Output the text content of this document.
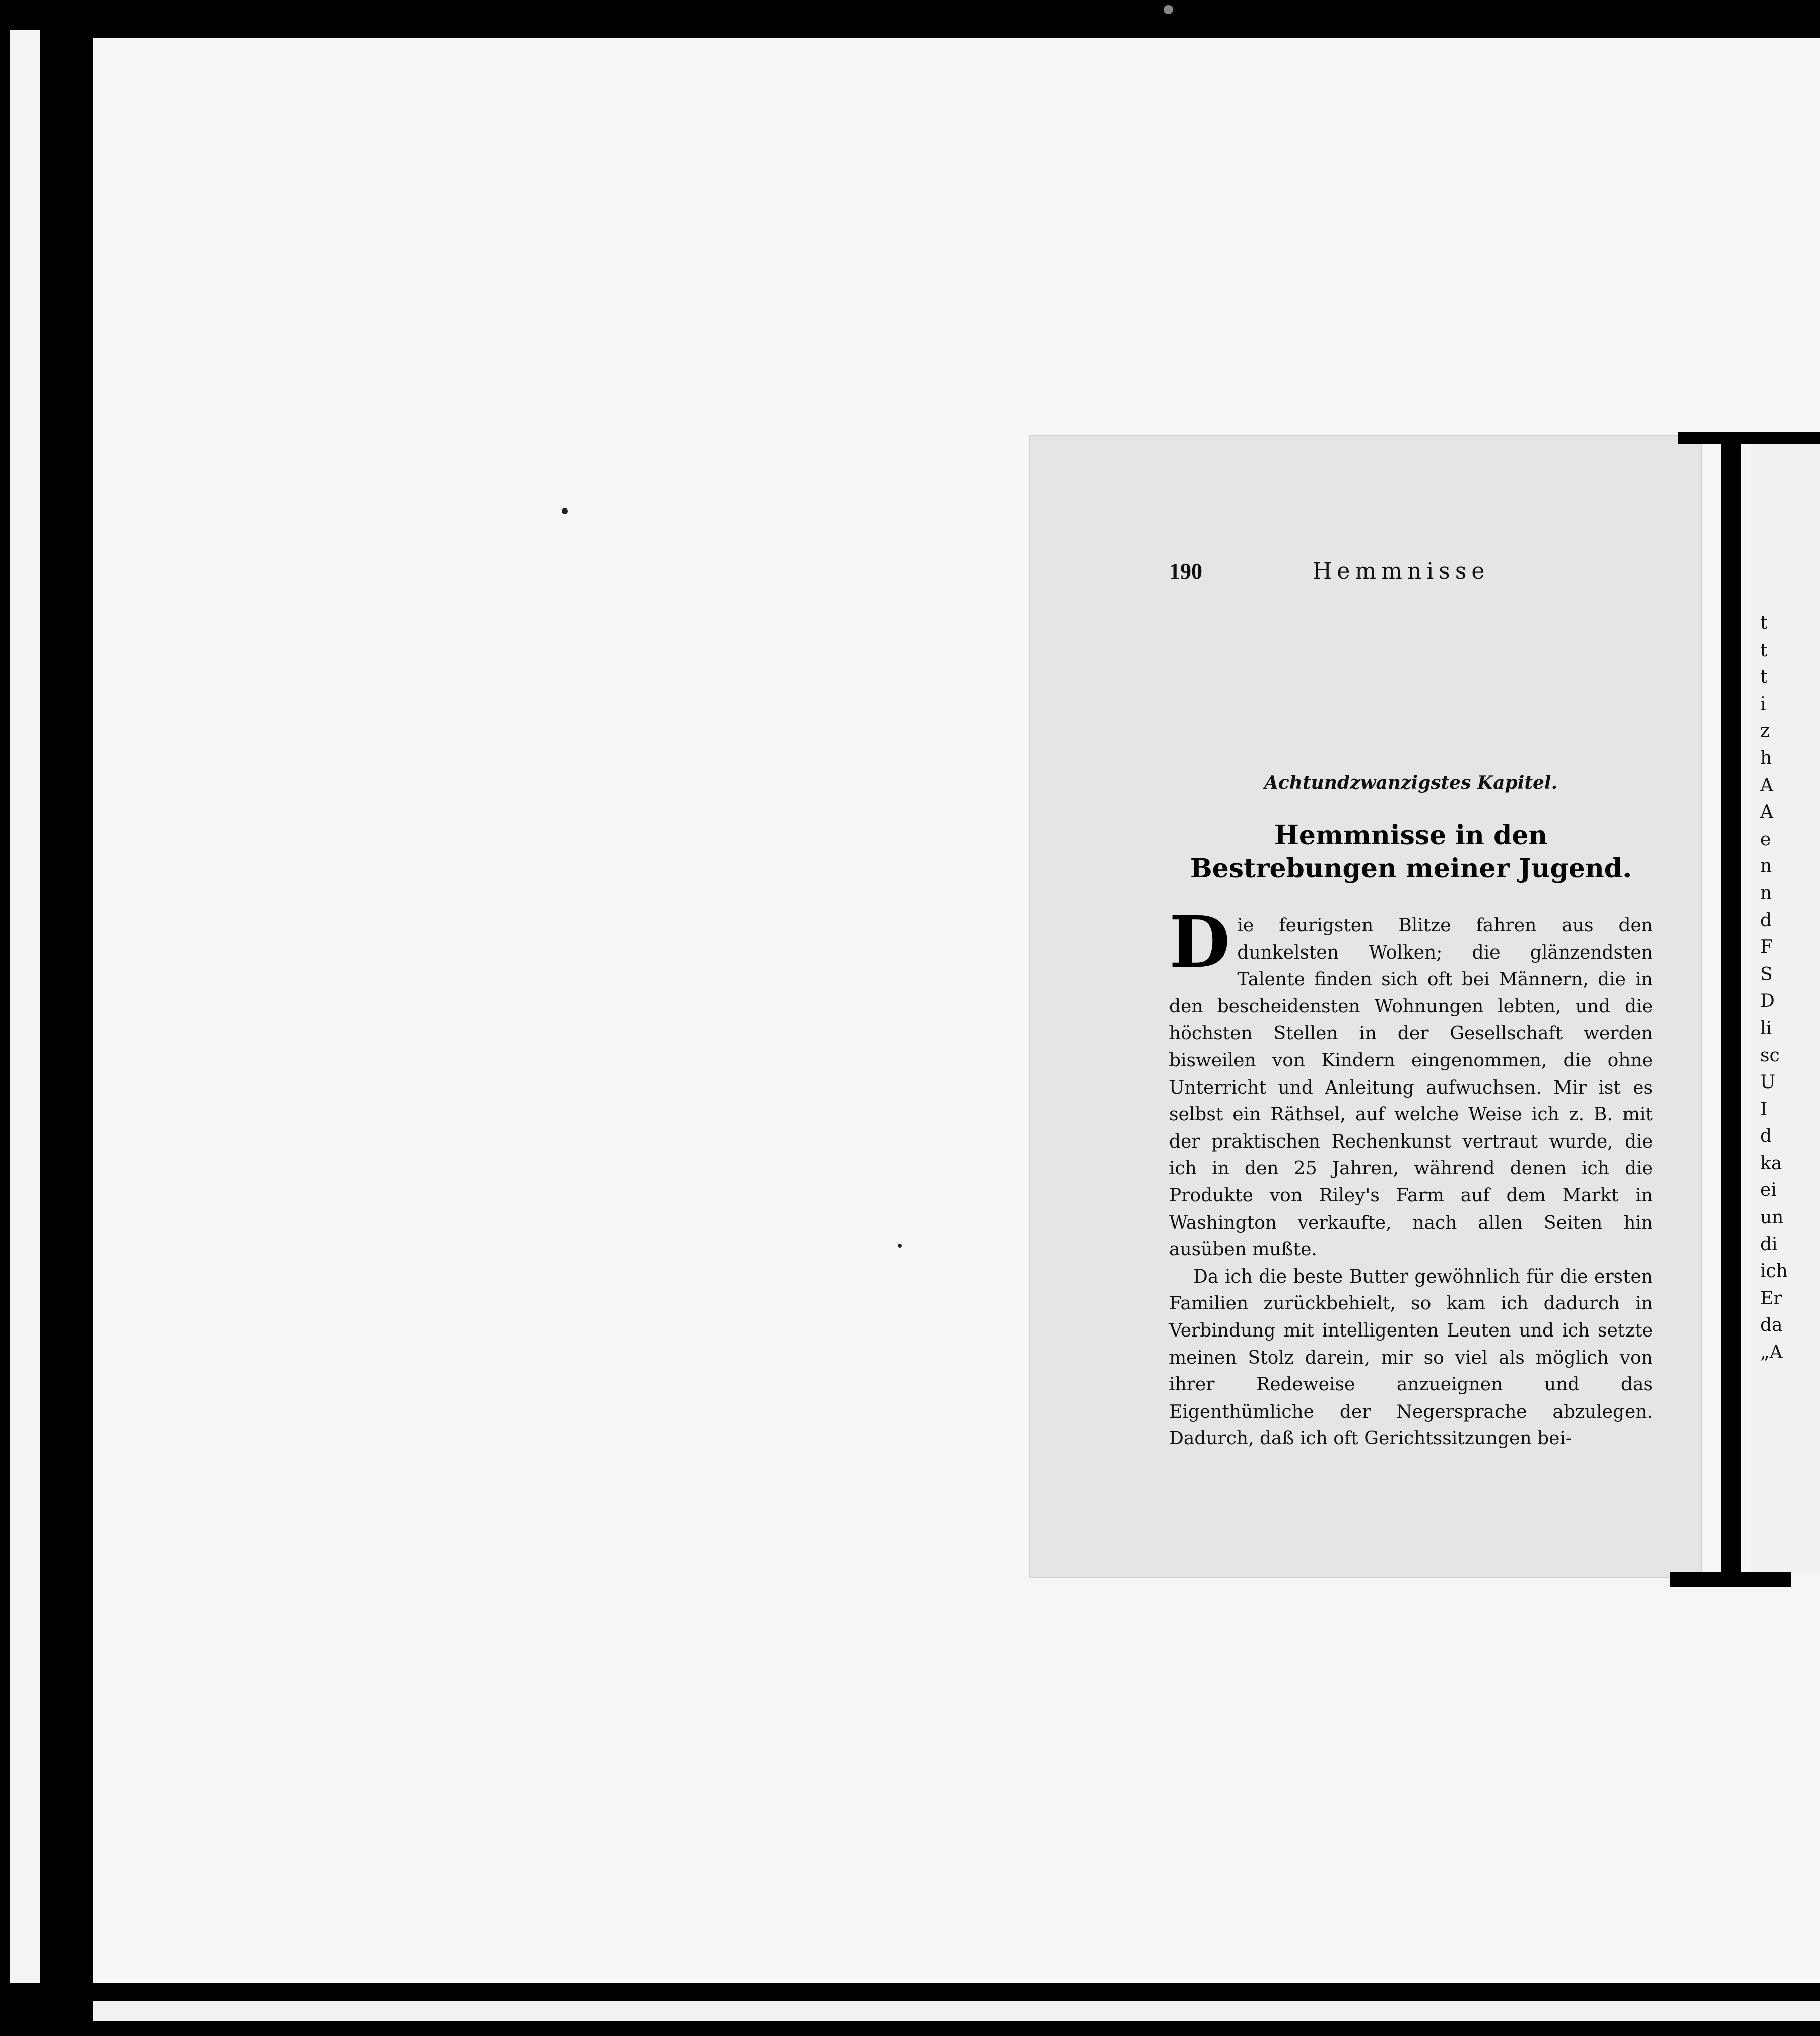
t
t
t
i
z
h
A
A
e
n
n
d
F
S
D
li
sc
U
I
d
ka
ei
un
di
ich
Er
da
„A
190	Hemmnisse
Achtundzwanzigstes Kapitel.
Hemmnisse in den Bestrebungen meiner Jugend.

Die feurigsten Blitze fahren aus den dunkelsten Wolken; die glänzendsten Talente finden sich oft bei Männern, die in den bescheidensten Wohnungen lebten, und die höchsten Stellen in der Gesellschaft werden bisweilen von Kindern eingenommen, die ohne Unterricht und Anleitung aufwuchsen. Mir ist es selbst ein Räthsel, auf welche Weise ich z. B. mit der praktischen Rechenkunst vertraut wurde, die ich in den 25 Jahren, während denen ich die Produkte von Riley's Farm auf dem Markt in Washington verkaufte, nach allen Seiten hin ausüben mußte.

Da ich die beste Butter gewöhnlich für die ersten Familien zurückbehielt, so kam ich dadurch in Verbindung mit intelligenten Leuten und ich setzte meinen Stolz darein, mir so viel als möglich von ihrer Redeweise anzueignen und das Eigenthümliche der Negersprache abzulegen. Dadurch, daß ich oft Gerichtssitzungen bei-
